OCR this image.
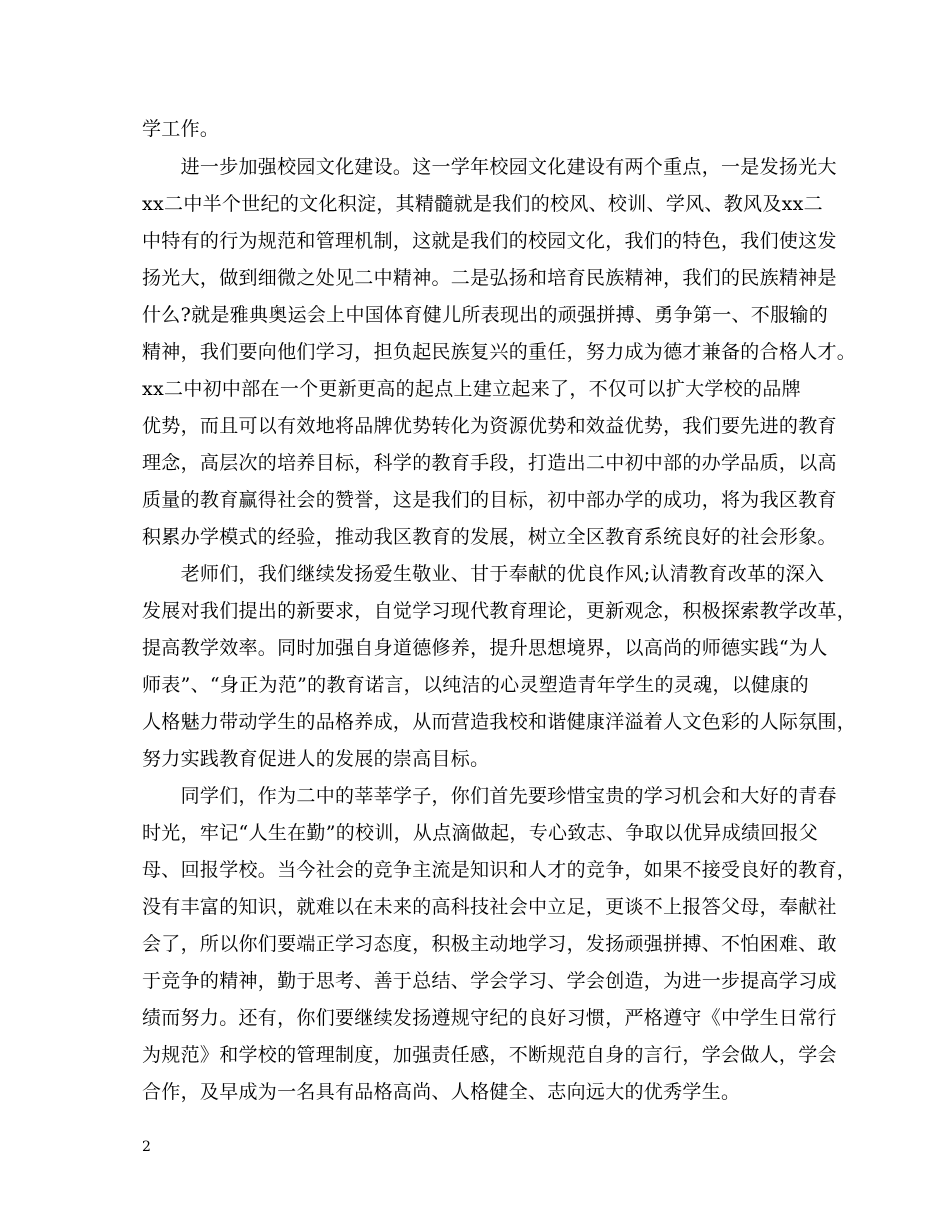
学工作。
　　进一步加强校园文化建设。这一学年校园文化建设有两个重点，一是发扬光大
xx二中半个世纪的文化积淀，其精髓就是我们的校风、校训、学风、教风及xx二
中特有的行为规范和管理机制，这就是我们的校园文化，我们的特色，我们使这发
扬光大，做到细微之处见二中精神。二是弘扬和培育民族精神，我们的民族精神是
什么?就是雅典奥运会上中国体育健儿所表现出的顽强拼搏、勇争第一、不服输的
精神，我们要向他们学习，担负起民族复兴的重任，努力成为德才兼备的合格人才。
xx二中初中部在一个更新更高的起点上建立起来了，不仅可以扩大学校的品牌
优势，而且可以有效地将品牌优势转化为资源优势和效益优势，我们要先进的教育
理念，高层次的培养目标，科学的教育手段，打造出二中初中部的办学品质，以高
质量的教育赢得社会的赞誉，这是我们的目标，初中部办学的成功，将为我区教育
积累办学模式的经验，推动我区教育的发展，树立全区教育系统良好的社会形象。
　　老师们，我们继续发扬爱生敬业、甘于奉献的优良作风;认清教育改革的深入
发展对我们提出的新要求，自觉学习现代教育理论，更新观念，积极探索教学改革，
提高教学效率。同时加强自身道德修养，提升思想境界，以高尚的师德实践“为人
师表”、“身正为范”的教育诺言，以纯洁的心灵塑造青年学生的灵魂，以健康的
人格魅力带动学生的品格养成，从而营造我校和谐健康洋溢着人文色彩的人际氛围，
努力实践教育促进人的发展的崇高目标。
　　同学们，作为二中的莘莘学子，你们首先要珍惜宝贵的学习机会和大好的青春
时光，牢记“人生在勤”的校训，从点滴做起，专心致志、争取以优异成绩回报父
母、回报学校。当今社会的竞争主流是知识和人才的竞争，如果不接受良好的教育，
没有丰富的知识，就难以在未来的高科技社会中立足，更谈不上报答父母，奉献社
会了，所以你们要端正学习态度，积极主动地学习，发扬顽强拼搏、不怕困难、敢
于竞争的精神，勤于思考、善于总结、学会学习、学会创造，为进一步提高学习成
绩而努力。还有，你们要继续发扬遵规守纪的良好习惯，严格遵守《中学生日常行
为规范》和学校的管理制度，加强责任感，不断规范自身的言行，学会做人，学会
合作，及早成为一名具有品格高尚、人格健全、志向远大的优秀学生。
2
